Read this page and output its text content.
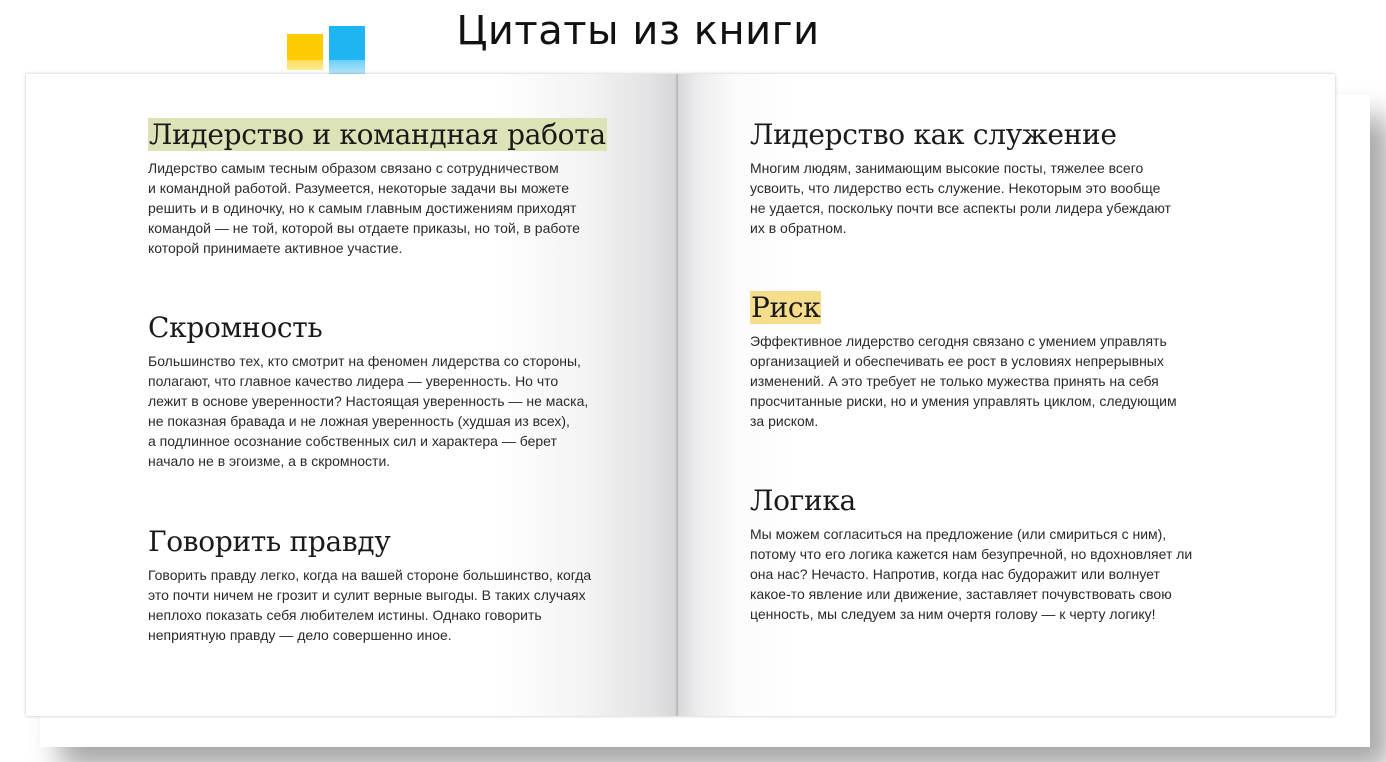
Цитаты из книги
Лидерство и командная работа

Лидерство самым тесным образом связано с сотрудничеством
и командной работой. Разумеется, некоторые задачи вы можете
решить и в одиночку, но к самым главным достижениям приходят
командой — не той, которой вы отдаете приказы, но той, в работе
которой принимаете активное участие.

Скромность

Большинство тех, кто смотрит на феномен лидерства со стороны,
полагают, что главное качество лидера — уверенность. Но что
лежит в основе уверенности? Настоящая уверенность — не маска,
не показная бравада и не ложная уверенность (худшая из всех),
а подлинное осознание собственных сил и характера — берет
начало не в эгоизме, а в скромности.

Говорить правду

Говорить правду легко, когда на вашей стороне большинство, когда
это почти ничем не грозит и сулит верные выгоды. В таких случаях
неплохо показать себя любителем истины. Однако говорить
неприятную правду — дело совершенно иное.

Лидерство как служение

Многим людям, занимающим высокие посты, тяжелее всего
усвоить, что лидерство есть служение. Некоторым это вообще
не удается, поскольку почти все аспекты роли лидера убеждают
их в обратном.

Риск

Эффективное лидерство сегодня связано с умением управлять
организацией и обеспечивать ее рост в условиях непрерывных
изменений. А это требует не только мужества принять на себя
просчитанные риски, но и умения управлять циклом, следующим
за риском.

Логика

Мы можем согласиться на предложение (или смириться с ним),
потому что его логика кажется нам безупречной, но вдохновляет ли
она нас? Нечасто. Напротив, когда нас будоражит или волнует
какое-то явление или движение, заставляет почувствовать свою
ценность, мы следуем за ним очертя голову — к черту логику!
